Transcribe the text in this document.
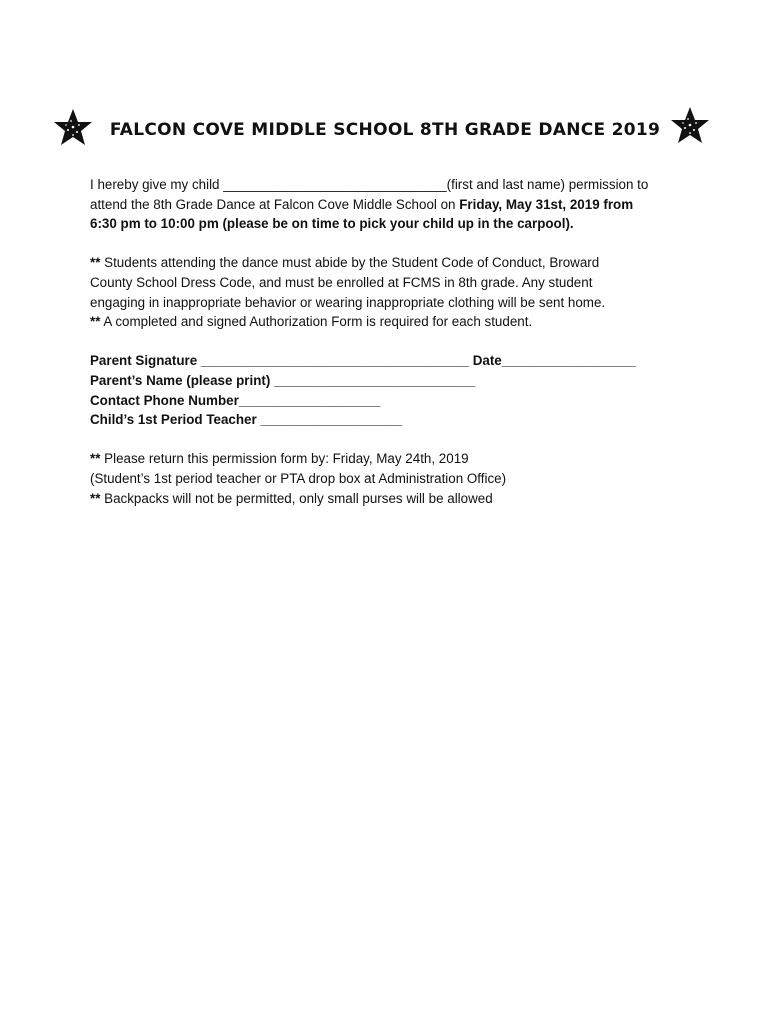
FALCON COVE MIDDLE SCHOOL 8TH GRADE DANCE 2019
I hereby give my child ______________________________(first and last name) permission to
attend the 8th Grade Dance at Falcon Cove Middle School on Friday, May 31st, 2019 from
6:30 pm to 10:00 pm (please be on time to pick your child up in the carpool).
** Students attending the dance must abide by the Student Code of Conduct, Broward
County School Dress Code, and must be enrolled at FCMS in 8th grade. Any student
engaging in inappropriate behavior or wearing inappropriate clothing will be sent home.
** A completed and signed Authorization Form is required for each student.
Parent Signature ____________________________________ Date__________________
Parent’s Name (please print) ___________________________
Contact Phone Number___________________
Child’s 1st Period Teacher ___________________
** Please return this permission form by: Friday, May 24th, 2019
(Student’s 1st period teacher or PTA drop box at Administration Office)
** Backpacks will not be permitted, only small purses will be allowed
